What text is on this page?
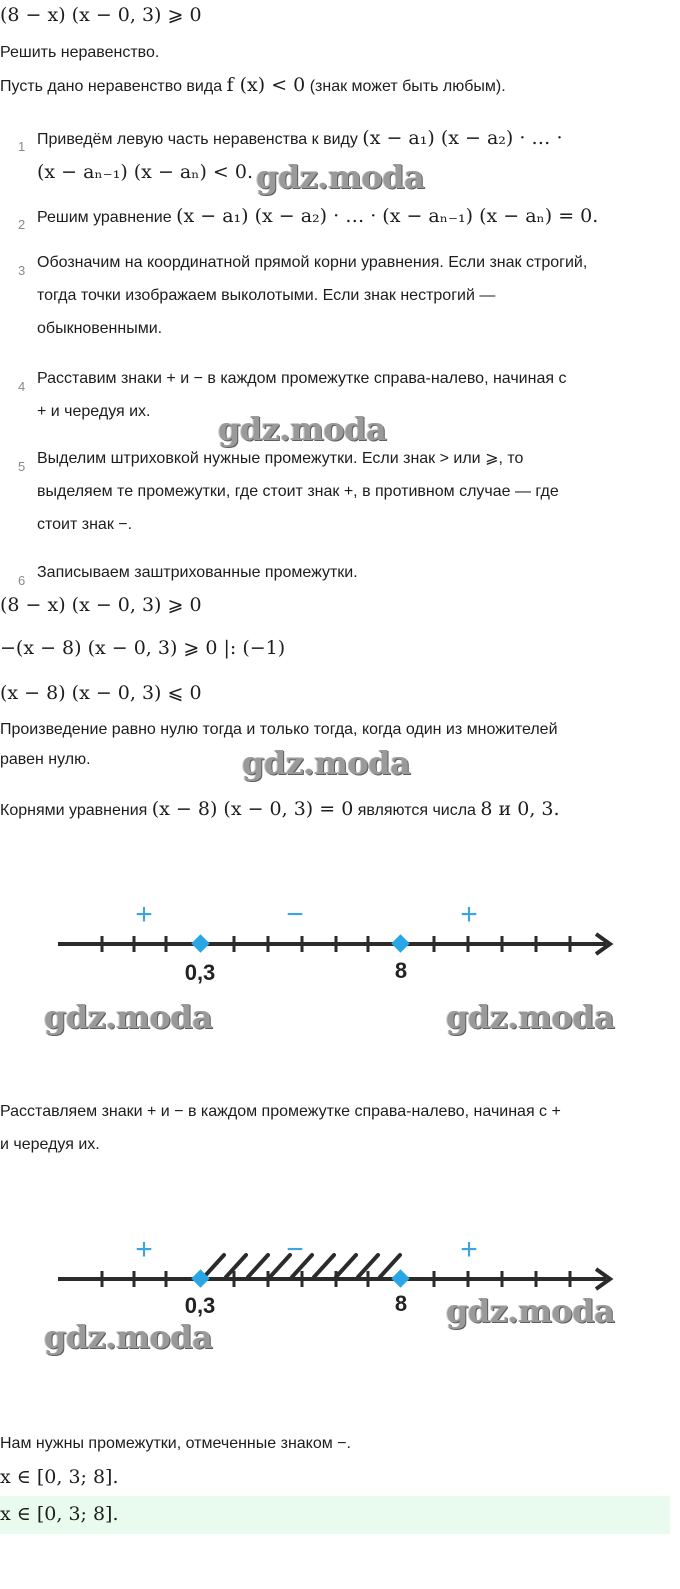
(8 − x) (x − 0, 3) ⩾ 0
Решить неравенство.
Пусть дано неравенство вида f (x) < 0 (знак может быть любым).
1 Приведём левую часть неравенства к виду (x − a₁) (x − a₂) · … ·
(x − aₙ₋₁) (x − aₙ) < 0.
2 Решим уравнение (x − a₁) (x − a₂) · … · (x − aₙ₋₁) (x − aₙ) = 0.
3 Обозначим на координатной прямой корни уравнения. Если знак строгий,
тогда точки изображаем выколотыми. Если знак нестрогий —
обыкновенными.
4 Расставим знаки + и − в каждом промежутке справа-налево, начиная с
+ и чередуя их.
5 Выделим штриховкой нужные промежутки. Если знак > или ⩾, то
выделяем те промежутки, где стоит знак +, в противном случае — где
стоит знак −.
6 Записываем заштрихованные промежутки.
(8 − x) (x − 0, 3) ⩾ 0
−(x − 8) (x − 0, 3) ⩾ 0 |: (−1)
(x − 8) (x − 0, 3) ⩽ 0
Произведение равно нулю тогда и только тогда, когда один из множителей
равен нулю.
Корнями уравнения (x − 8) (x − 0, 3) = 0 являются числа 8 и 0, 3.
+	−	+
0,3	8
Расставляем знаки + и − в каждом промежутке справа-налево, начиная с +
и чередуя их.
+	−	+
0,3	8
Нам нужны промежутки, отмеченные знаком −.
x ∈ [0, 3; 8].
x ∈ [0, 3; 8].
gdz.moda
gdz.moda
gdz.moda
gdz.moda	gdz.moda
gdz.moda
gdz.moda
